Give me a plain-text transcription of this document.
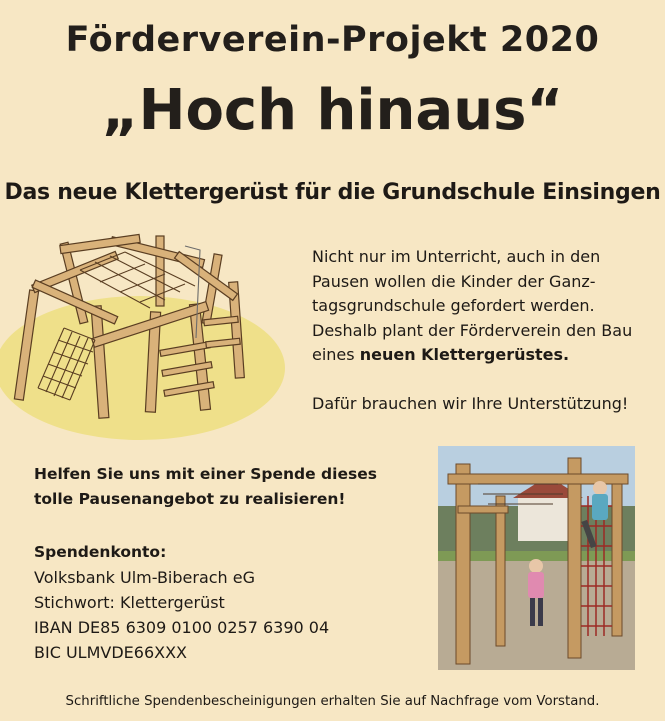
Förderverein-Projekt 2020
„Hoch hinaus“
Das neue Klettergerüst für die Grundschule Einsingen

Nicht nur im Unterricht, auch in den Pausen wollen die Kinder der Ganz-tagsgrundschule gefordert werden. Deshalb plant der Förderverein den Bau eines neuen Klettergerüstes.

Dafür brauchen wir Ihre Unterstützung!

Helfen Sie uns mit einer Spende dieses
tolle Pausenangebot zu realisieren!
Spendenkonto:
Volksbank Ulm-Biberach eG
Stichwort: Klettergerüst
IBAN DE85 6309 0100 0257 6390 04
BIC ULMVDE66XXX
Schriftliche Spendenbescheinigungen erhalten Sie auf Nachfrage vom Vorstand.
